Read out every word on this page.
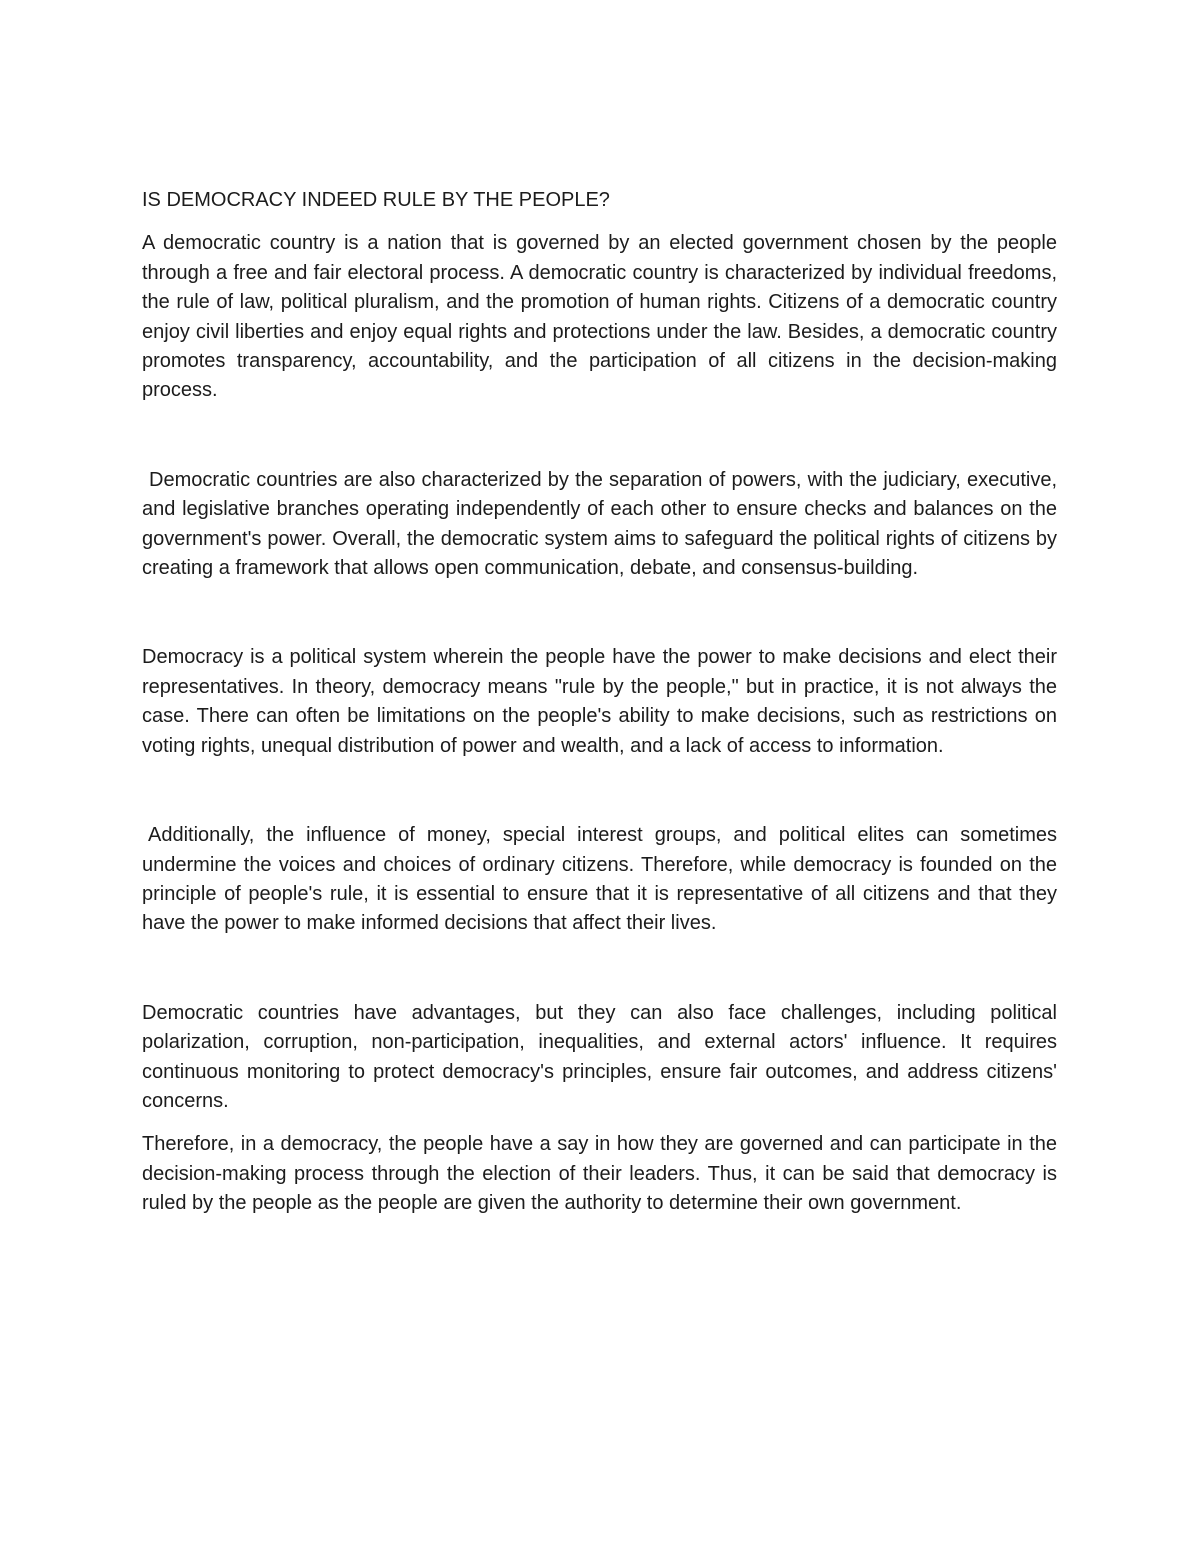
IS DEMOCRACY INDEED RULE BY THE PEOPLE?

A democratic country is a nation that is governed by an elected government chosen by the people through a free and fair electoral process. A democratic country is characterized by individual freedoms, the rule of law, political pluralism, and the promotion of human rights. Citizens of a democratic country enjoy civil liberties and enjoy equal rights and protections under the law. Besides, a democratic country promotes transparency, accountability, and the participation of all citizens in the decision-making process.

Democratic countries are also characterized by the separation of powers, with the judiciary, executive, and legislative branches operating independently of each other to ensure checks and balances on the government's power. Overall, the democratic system aims to safeguard the political rights of citizens by creating a framework that allows open communication, debate, and consensus-building.

Democracy is a political system wherein the people have the power to make decisions and elect their representatives. In theory, democracy means "rule by the people," but in practice, it is not always the case. There can often be limitations on the people's ability to make decisions, such as restrictions on voting rights, unequal distribution of power and wealth, and a lack of access to information.

Additionally, the influence of money, special interest groups, and political elites can sometimes undermine the voices and choices of ordinary citizens. Therefore, while democracy is founded on the principle of people's rule, it is essential to ensure that it is representative of all citizens and that they have the power to make informed decisions that affect their lives.

Democratic countries have advantages, but they can also face challenges, including political polarization, corruption, non-participation, inequalities, and external actors' influence. It requires continuous monitoring to protect democracy's principles, ensure fair outcomes, and address citizens' concerns.

Therefore, in a democracy, the people have a say in how they are governed and can participate in the decision-making process through the election of their leaders. Thus, it can be said that democracy is ruled by the people as the people are given the authority to determine their own government.
